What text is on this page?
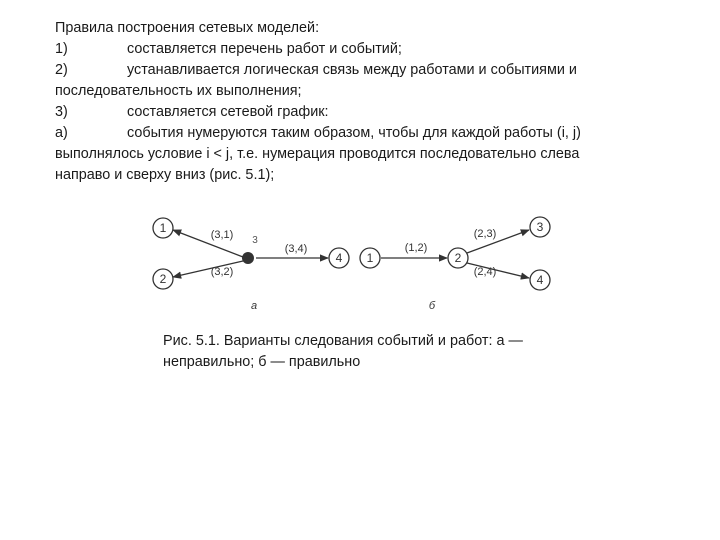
Правила построения сетевых моделей:
1)	составляется перечень работ и событий;
2)	устанавливается логическая связь между работами и событиями и
последовательность их выполнения;
3)	составляется сетевой график:
а)	события нумеруются таким образом, чтобы для каждой работы (i, j)
выполнялось условие i < j, т.е. нумерация проводится последовательно слева
направо и сверху вниз (рис. 5.1);
1
2
4
3
(3,1)
(3,2)
(3,4)
а
1	2
3
4
(1,2)
(2,3)
(2,4)
б
Рис. 5.1. Варианты следования событий и работ: а —
неправильно; б — правильно
